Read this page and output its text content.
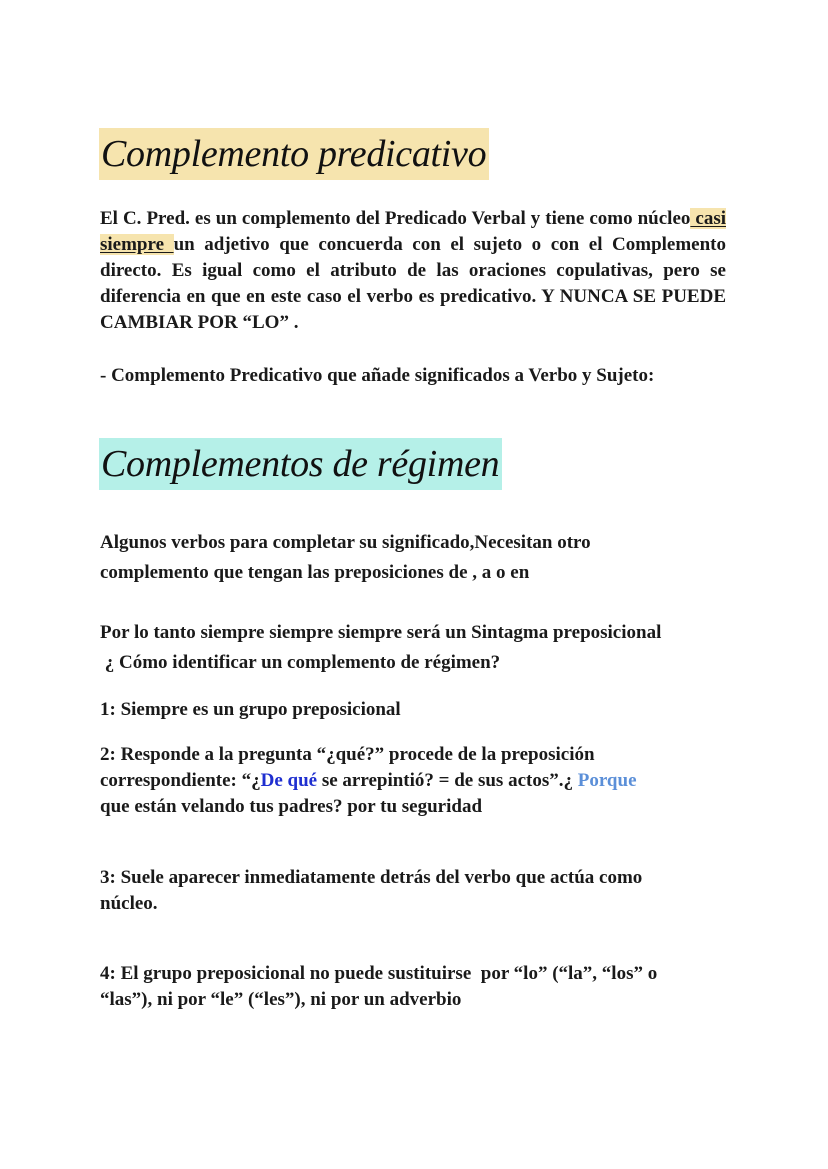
Complemento predicativo

El C. Pred. es un complemento del Predicado Verbal y tiene como núcleo casi siempre un adjetivo que concuerda con el sujeto o con el Complemento directo. Es igual como el atributo de las oraciones copulativas, pero se diferencia en que en este caso el verbo es predicativo. Y NUNCA SE PUEDE CAMBIAR POR “LO” .

- Complemento Predicativo que añade significados a Verbo y Sujeto:

Complementos de régimen

Algunos verbos para completar su significado,Necesitan otro
complemento que tengan las preposiciones de , a o en

Por lo tanto siempre siempre siempre será un Sintagma preposicional
¿ Cómo identificar un complemento de régimen?

1: Siempre es un grupo preposicional

2: Responde a la pregunta “¿qué?” procede de la preposición
correspondiente: “¿De qué se arrepintió? = de sus actos”.¿ Porque
que están velando tus padres? por tu seguridad

3: Suele aparecer inmediatamente detrás del verbo que actúa como
núcleo.

4: El grupo preposicional no puede sustituirse  por “lo” (“la”, “los” o
“las”), ni por “le” (“les”), ni por un adverbio
